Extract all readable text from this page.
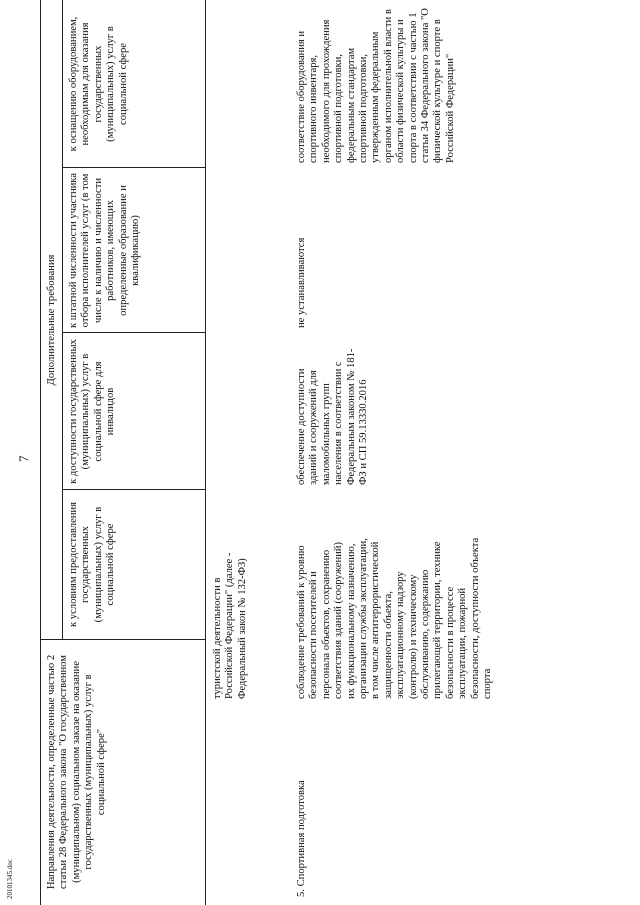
20101345.doc
7
Направления деятельности, определенные частью 2 статьи 28 Федерального закона "О государственном (муниципальном) социальном заказе на оказание государственных (муниципальных) услуг в социальной сфере"
Дополнительные требования
к условиям предоставления государственных (муниципальных) услуг в социальной сфере
к доступности государственных (муниципальных) услуг в социальной сфере для инвалидов
к штатной численности участника отбора исполнителей услуг (в том числе к наличию и численности работников, имеющих определенные образование и квалификацию)
к оснащению оборудованием, необходимым для оказания государственных (муниципальных) услуг в социальной сфере
туристской деятельности в Российской Федерации" (далее - Федеральный закон № 132-ФЗ)
5. Спортивная подготовка
соблюдение требований к уровню безопасности посетителей и персонала объектов, сохранению соответствия зданий (сооружений) их функциональному назначению, организации службы эксплуатации, в том числе антитеррористической защищенности объекта, эксплуатационному надзору (контролю) и техническому обслуживанию, содержанию прилегающей территории, технике безопасности в процессе эксплуатации, пожарной безопасности, доступности объекта спорта
обеспечение доступности зданий и сооружений для маломобильных групп населения в соответствии с Федеральным законом № 181-ФЗ и СП 59.13330.2016
не устанавливаются
соответствие оборудования и спортивного инвентаря, необходимого для прохождения спортивной подготовки, федеральным стандартам спортивной подготовки, утвержденным федеральным органом исполнительной власти в области физической культуры и спорта в соответствии с частью 1 статьи 34 Федерального закона "О физической культуре и спорте в Российской Федерации"
